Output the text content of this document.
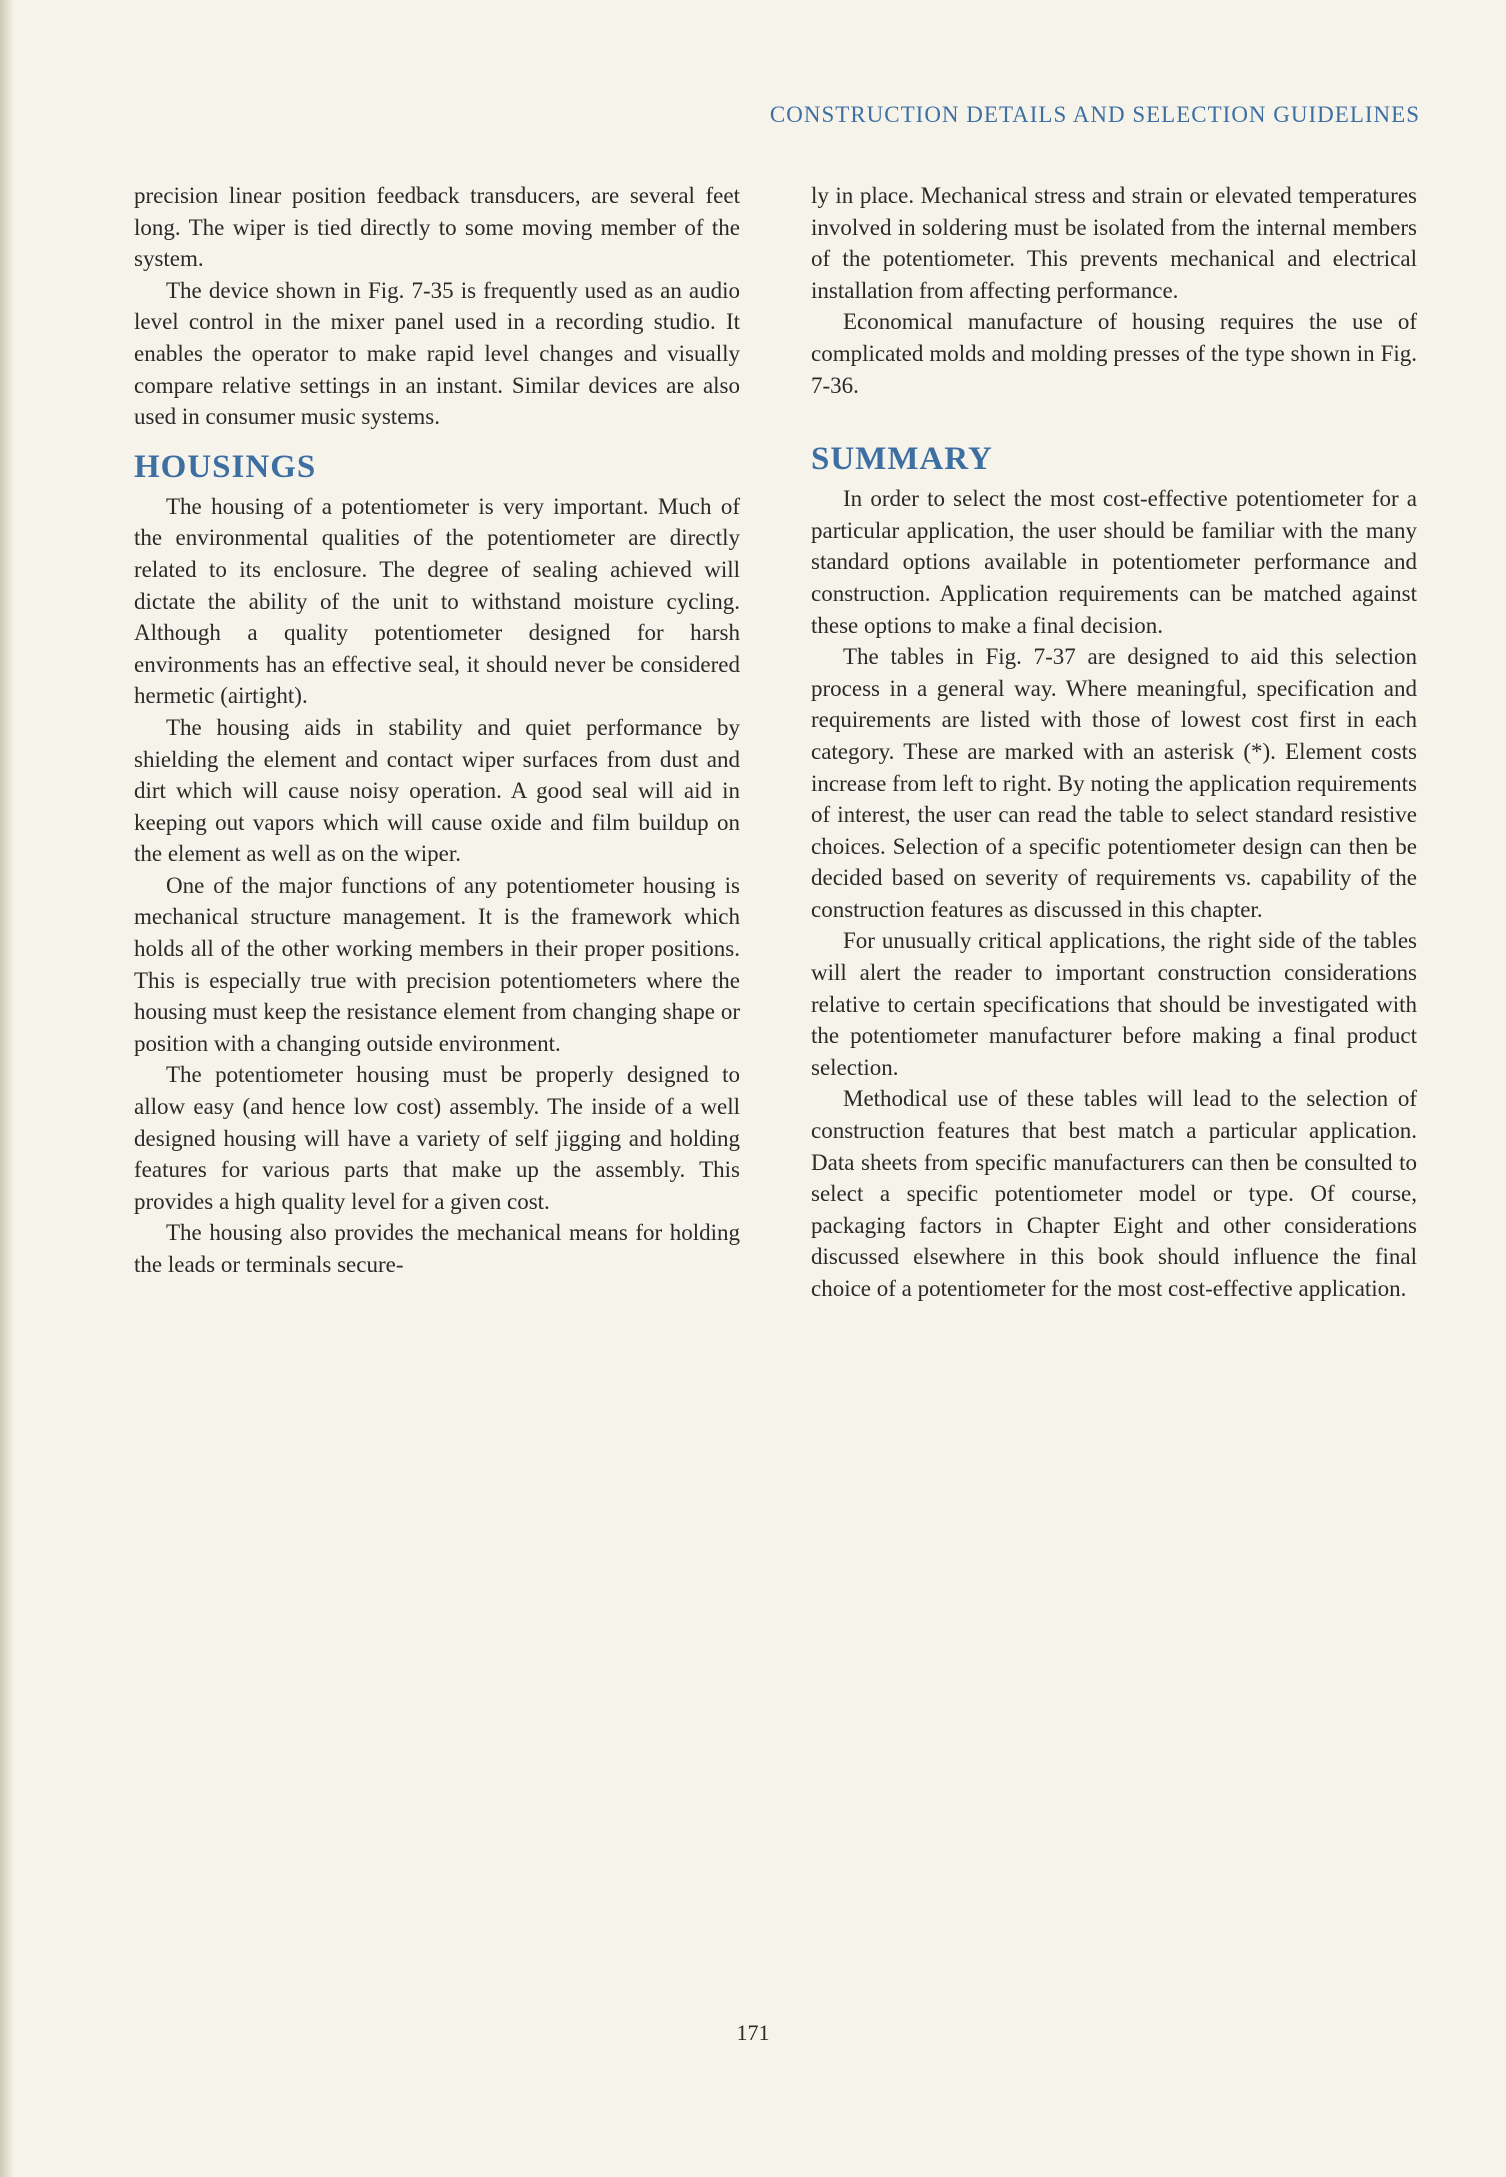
CONSTRUCTION DETAILS AND SELECTION GUIDELINES

precision linear position feedback transducers, are several feet long. The wiper is tied directly to some moving member of the system.

The device shown in Fig. 7-35 is frequently used as an audio level control in the mixer panel used in a recording studio. It enables the operator to make rapid level changes and visually compare relative settings in an instant. Similar devices are also used in consumer music systems.

HOUSINGS

The housing of a potentiometer is very important. Much of the environmental qualities of the potentiometer are directly related to its enclosure. The degree of sealing achieved will dictate the ability of the unit to withstand moisture cycling. Although a quality potentiometer designed for harsh environments has an effective seal, it should never be considered hermetic (airtight).

The housing aids in stability and quiet performance by shielding the element and contact wiper surfaces from dust and dirt which will cause noisy operation. A good seal will aid in keeping out vapors which will cause oxide and film buildup on the element as well as on the wiper.

One of the major functions of any potentiometer housing is mechanical structure management. It is the framework which holds all of the other working members in their proper positions. This is especially true with precision potentiometers where the housing must keep the resistance element from changing shape or position with a changing outside environment.

The potentiometer housing must be properly designed to allow easy (and hence low cost) assembly. The inside of a well designed housing will have a variety of self jigging and holding features for various parts that make up the assembly. This provides a high quality level for a given cost.

The housing also provides the mechanical means for holding the leads or terminals secure-

ly in place. Mechanical stress and strain or elevated temperatures involved in soldering must be isolated from the internal members of the potentiometer. This prevents mechanical and electrical installation from affecting performance.

Economical manufacture of housing requires the use of complicated molds and molding presses of the type shown in Fig. 7-36.

SUMMARY

In order to select the most cost-effective potentiometer for a particular application, the user should be familiar with the many standard options available in potentiometer performance and construction. Application requirements can be matched against these options to make a final decision.

The tables in Fig. 7-37 are designed to aid this selection process in a general way. Where meaningful, specification and requirements are listed with those of lowest cost first in each category. These are marked with an asterisk (*). Element costs increase from left to right. By noting the application requirements of interest, the user can read the table to select standard resistive choices. Selection of a specific potentiometer design can then be decided based on severity of requirements vs. capability of the construction features as discussed in this chapter.

For unusually critical applications, the right side of the tables will alert the reader to important construction considerations relative to certain specifications that should be investigated with the potentiometer manufacturer before making a final product selection.

Methodical use of these tables will lead to the selection of construction features that best match a particular application. Data sheets from specific manufacturers can then be consulted to select a specific potentiometer model or type. Of course, packaging factors in Chapter Eight and other considerations discussed elsewhere in this book should influence the final choice of a potentiometer for the most cost-effective application.

171
